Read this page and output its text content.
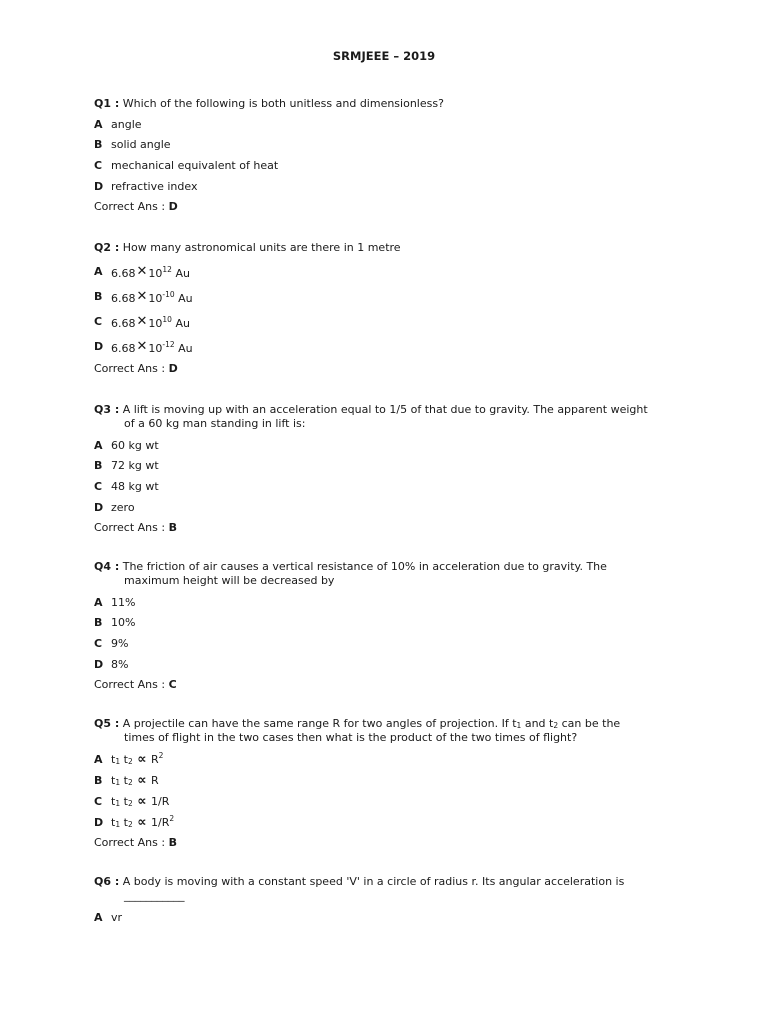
SRMJEEE – 2019

Q1 : Which of the following is both unitless and dimensionless?

A angle
B solid angle
C mechanical equivalent of heat
D refractive index
Correct Ans : D

Q2 : How many astronomical units are there in 1 metre

A $6.68✕10^{12}$ Au
B $6.68✕10^{-10}$ Au
C $6.68✕10^{10}$ Au
D $6.68✕10^{-12}$ Au
Correct Ans : D

Q3 : A lift is moving up with an acceleration equal to 1/5 of that due to gravity. The apparent weight

of a 60 kg man standing in lift is:

A 60 kg wt
B 72 kg wt
C 48 kg wt
D zero
Correct Ans : B

Q4 : The friction of air causes a vertical resistance of 10% in acceleration due to gravity. The

maximum height will be decreased by

A 11%
B 10%
C 9%
D 8%
Correct Ans : C

Q5 : A projectile can have the same range R for two angles of projection. If $t_1$ and $t_2$ can be the

times of flight in the two cases then what is the product of the two times of flight?

A $t_1$ $t_2 \propto R^2$
B $t_1$ $t_2 \propto R$
C $t_1$ $t_2 \propto 1/R$
D $t_1$ $t_2 \propto 1/R^2$
Correct Ans : B

Q6 : A body is moving with a constant speed 'V' in a circle of radius r. Its angular acceleration is

___________

A vr
